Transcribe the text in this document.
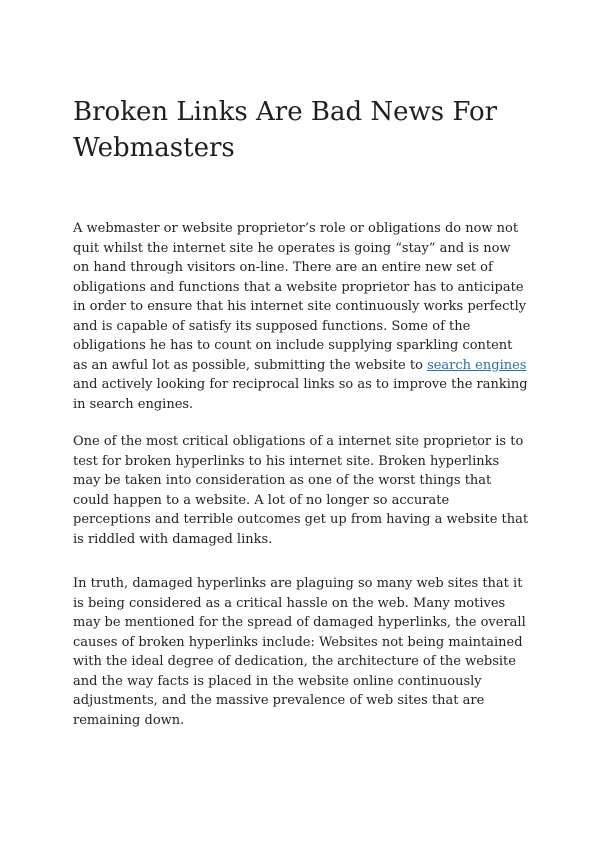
Broken Links Are Bad News For Webmasters

A webmaster or website proprietor’s role or obligations do now not quit whilst the internet site he operates is going “stay” and is now on hand through visitors on-line. There are an entire new set of obligations and functions that a website proprietor has to anticipate in order to ensure that his internet site continuously works perfectly and is capable of satisfy its supposed functions. Some of the obligations he has to count on include supplying sparkling content as an awful lot as possible, submitting the website to search engines and actively looking for reciprocal links so as to improve the ranking in search engines.

One of the most critical obligations of a internet site proprietor is to test for broken hyperlinks to his internet site. Broken hyperlinks may be taken into consideration as one of the worst things that could happen to a website. A lot of no longer so accurate perceptions and terrible outcomes get up from having a website that is riddled with damaged links.

In truth, damaged hyperlinks are plaguing so many web sites that it is being considered as a critical hassle on the web. Many motives may be mentioned for the spread of damaged hyperlinks, the overall causes of broken hyperlinks include: Websites not being maintained with the ideal degree of dedication, the architecture of the website and the way facts is placed in the website online continuously adjustments, and the massive prevalence of web sites that are remaining down.
